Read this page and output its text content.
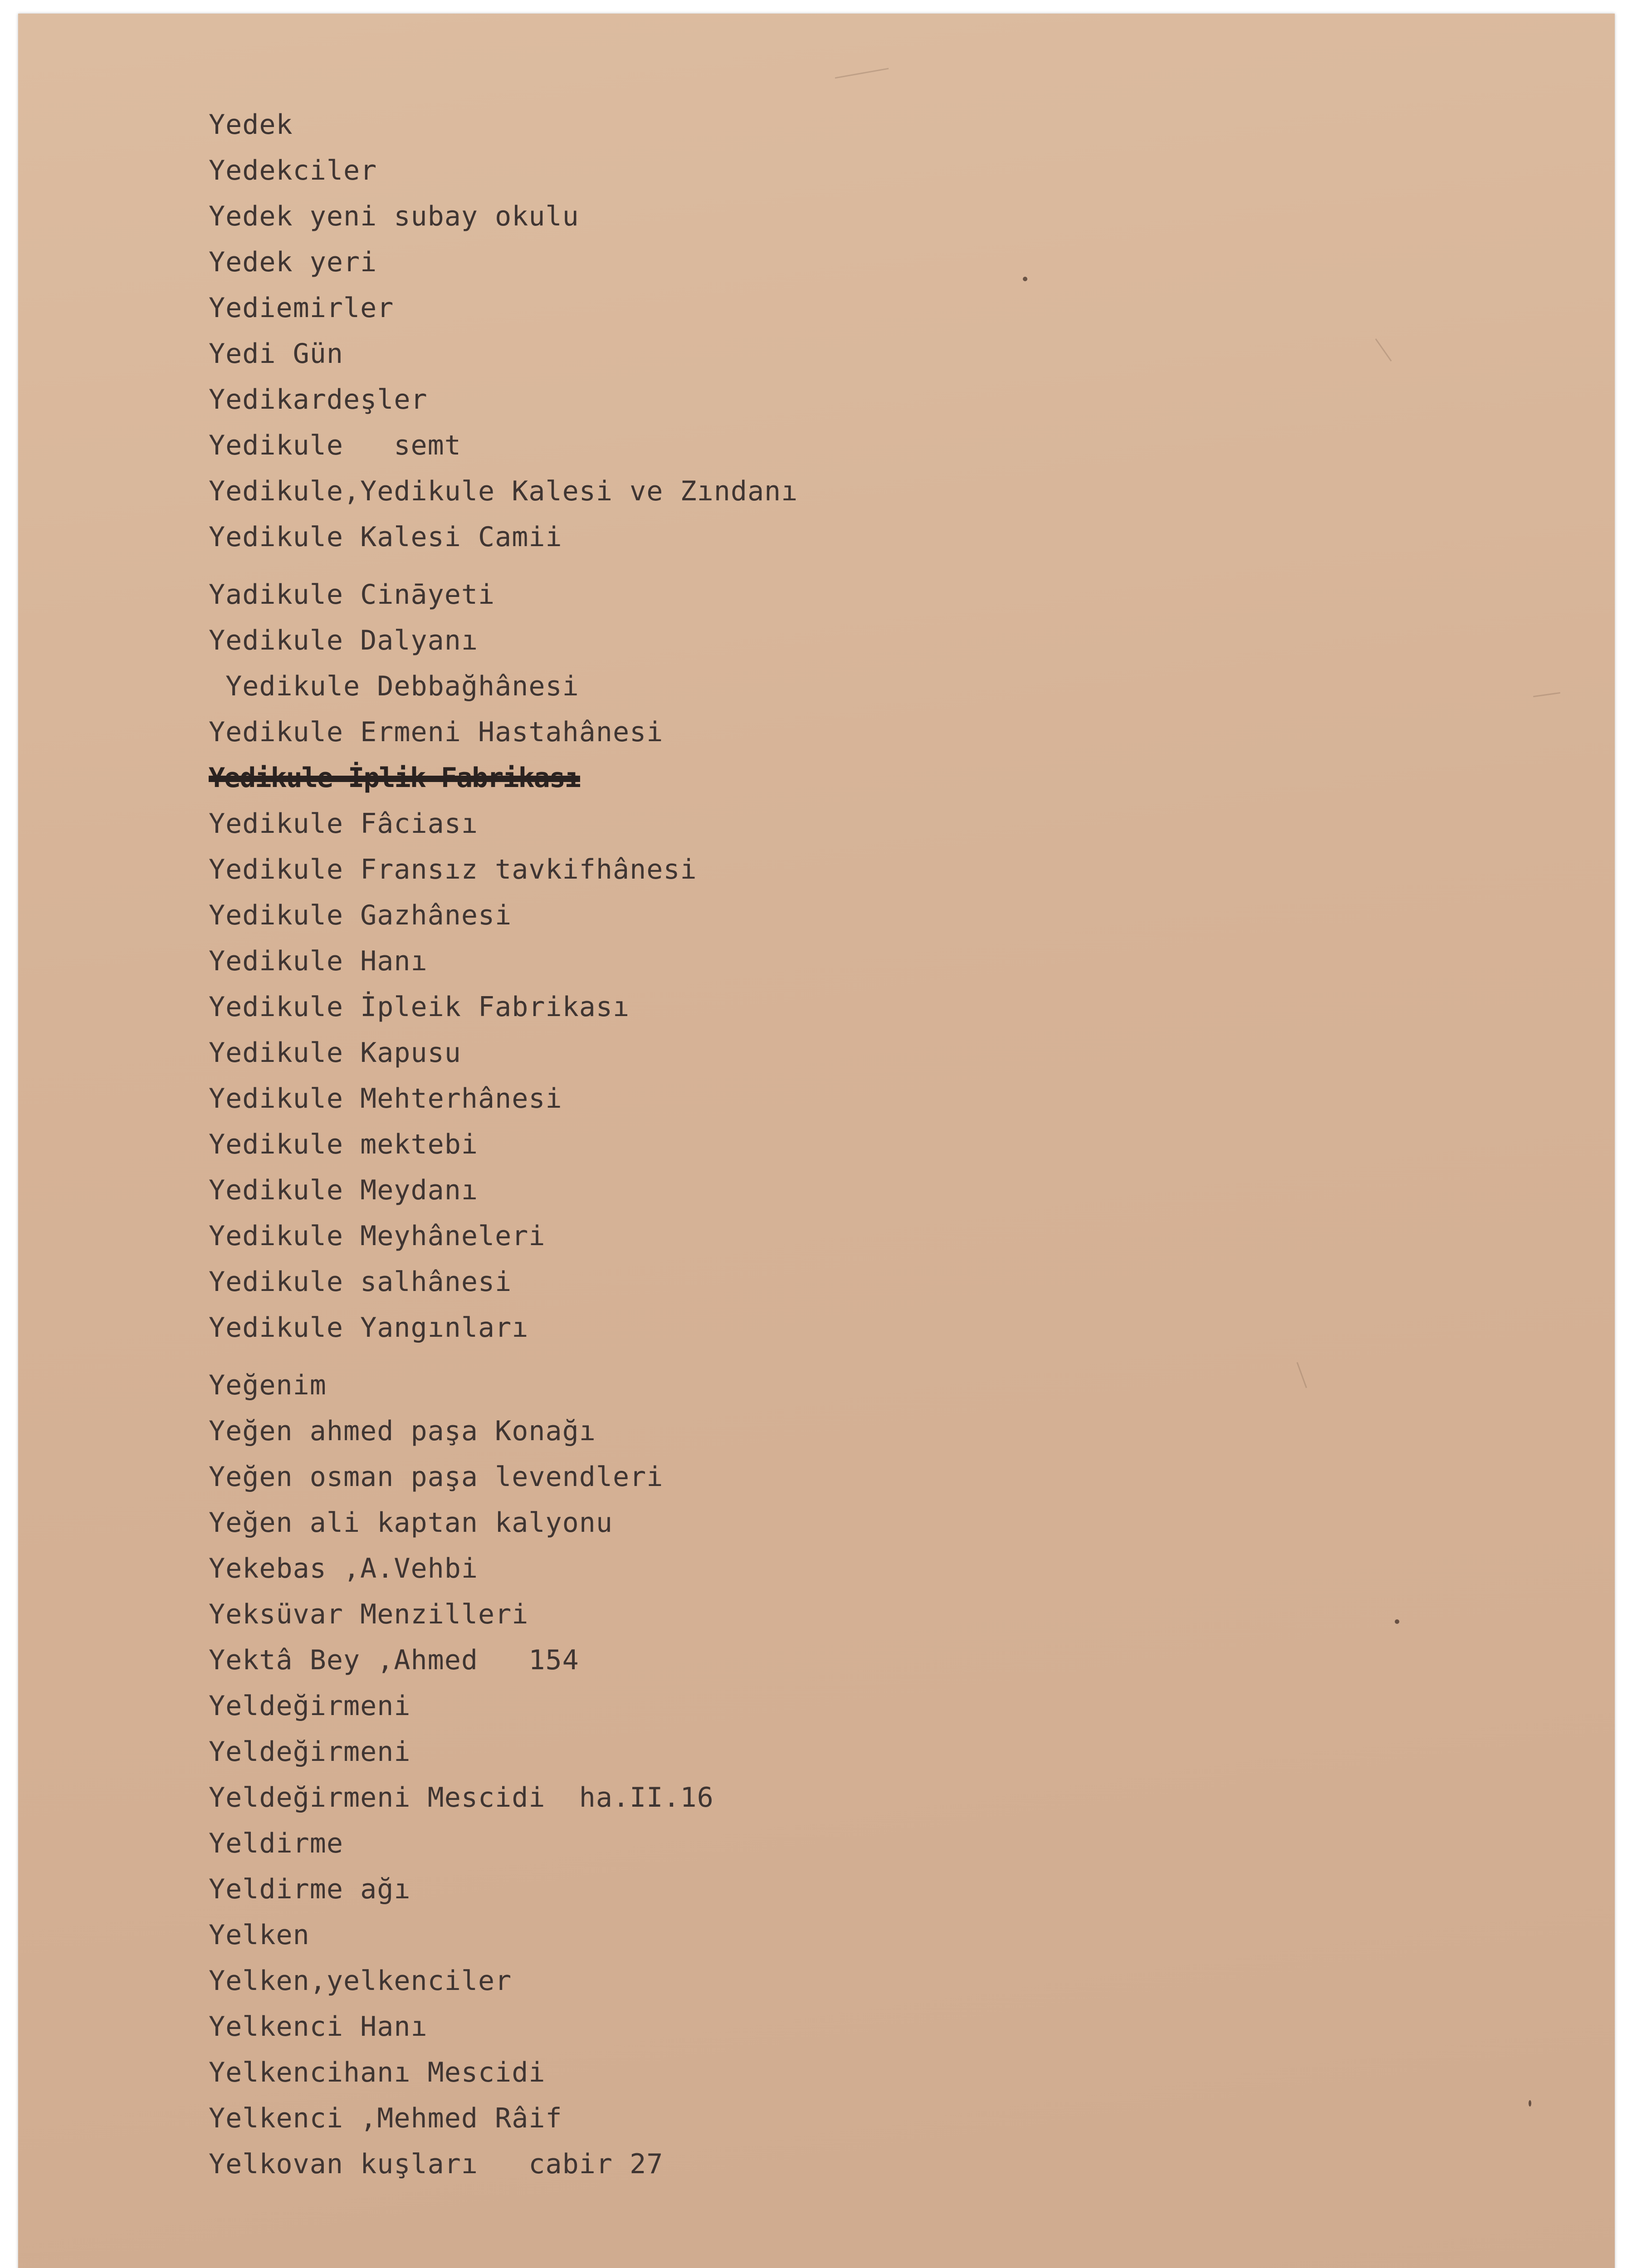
Yedek
Yedekciler
Yedek yeni subay okulu
Yedek yeri
Yediemirler
Yedi Gün
Yedikardeşler
Yedikule   semt
Yedikule,Yedikule Kalesi ve Zındanı
Yedikule Kalesi Camii
Yadikule Cināyeti
Yedikule Dalyanı
Yedikule Debbağhânesi
Yedikule Ermeni Hastahânesi
Yedikule İplik Fabrikası
Yedikule Fâciası
Yedikule Fransız tavkifhânesi
Yedikule Gazhânesi
Yedikule Hanı
Yedikule İpleik Fabrikası
Yedikule Kapusu
Yedikule Mehterhânesi
Yedikule mektebi
Yedikule Meydanı
Yedikule Meyhâneleri
Yedikule salhânesi
Yedikule Yangınları
Yeğenim
Yeğen ahmed paşa Konağı
Yeğen osman paşa levendleri
Yeğen ali kaptan kalyonu
Yekebas ,A.Vehbi
Yeksüvar Menzilleri
Yektâ Bey ,Ahmed   154
Yeldeğirmeni
Yeldeğirmeni
Yeldeğirmeni Mescidi  ha.II.16
Yeldirme
Yeldirme ağı
Yelken
Yelken,yelkenciler
Yelkenci Hanı
Yelkencihanı Mescidi
Yelkenci ,Mehmed Râif
Yelkovan kuşları   cabir 27
